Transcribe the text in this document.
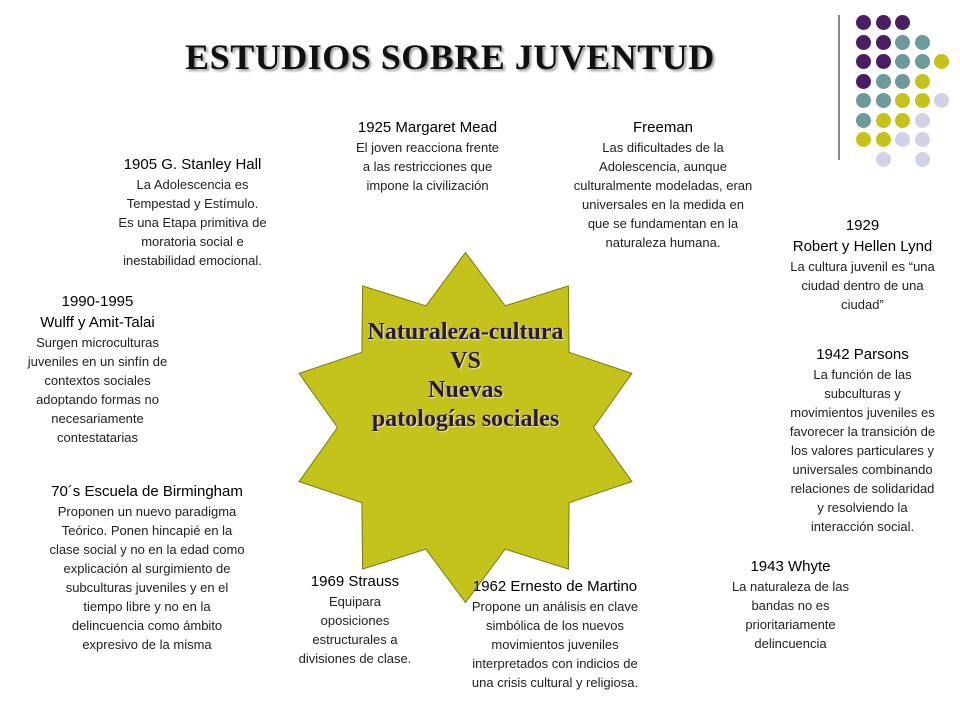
ESTUDIOS SOBRE JUVENTUD
Naturaleza-cultura
VS
Nuevas
patologías sociales
1905 G. Stanley Hall
La Adolescencia es
Tempestad y Estímulo.
Es una Etapa primitiva de
moratoria social e
inestabilidad emocional.
1925 Margaret Mead
El joven reacciona frente
a las restricciones que
impone la civilización
Freeman
Las dificultades de la
Adolescencia, aunque
culturalmente modeladas, eran
universales en la medida en
que se fundamentan en la
naturaleza humana.
1929
Robert y Hellen Lynd
La cultura juvenil es “una
ciudad dentro de una
ciudad”
1990-1995
Wulff y Amit-Talai
Surgen microculturas
juveniles en un sinfín de
contextos sociales
adoptando formas no
necesariamente
contestatarias
1942 Parsons
La función de las
subculturas y
movimientos juveniles es
favorecer la transición de
los valores particulares y
universales combinando
relaciones de solidaridad
y resolviendo la
interacción social.
70´s Escuela de Birmingham
Proponen un nuevo paradigma
Teórico. Ponen hincapié en la
clase social y no en la edad como
explicación al surgimiento de
subculturas juveniles y en el
tiempo libre y no en la
delincuencia como ámbito
expresivo de la misma
1969 Strauss
Equipara
oposiciones
estructurales a
divisiones de clase.
1962 Ernesto de Martino
Propone un análisis en clave
simbólica de los nuevos
movimientos juveniles
interpretados con indicios de
una crisis cultural y religiosa.
1943 Whyte
La naturaleza de las
bandas no es
prioritariamente
delincuencia
